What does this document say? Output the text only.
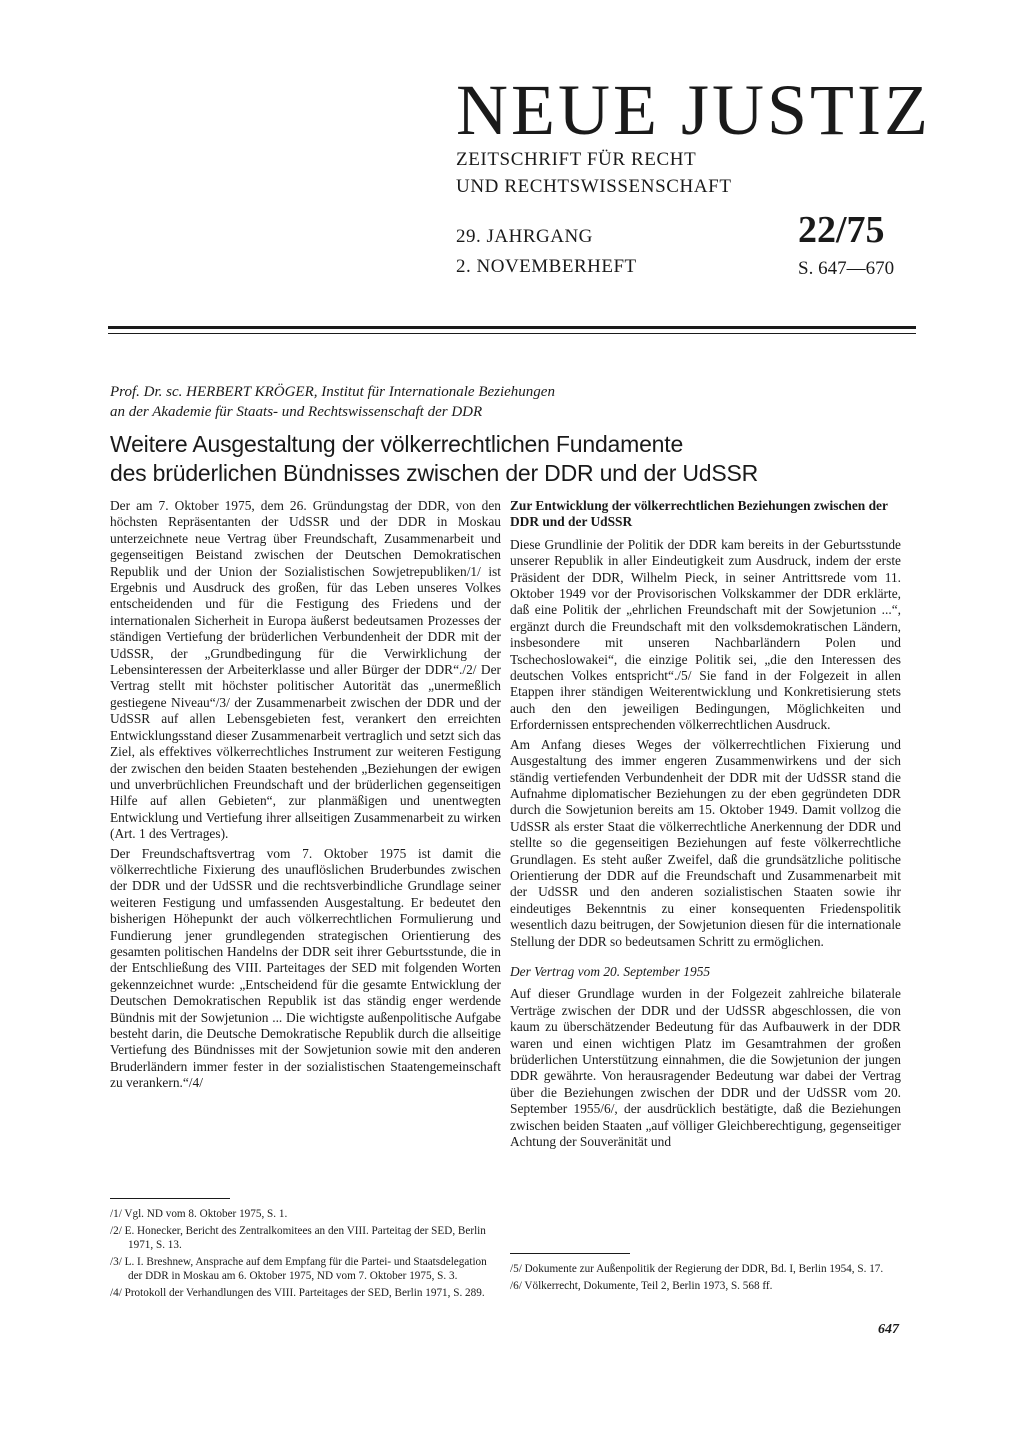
NEUE JUSTIZ
ZEITSCHRIFT FÜR RECHT
UND RECHTSWISSENSCHAFT
29. JAHRGANG
2. NOVEMBERHEFT
22/75
S. 647—670
Prof. Dr. sc. HERBERT KRÖGER, Institut für Internationale Beziehungen
an der Akademie für Staats- und Rechtswissenschaft der DDR
Weitere Ausgestaltung der völkerrechtlichen Fundamente
des brüderlichen Bündnisses zwischen der DDR und der UdSSR

Der am 7. Oktober 1975, dem 26. Gründungstag der DDR, von den höchsten Repräsentanten der UdSSR und der DDR in Moskau unterzeichnete neue Vertrag über Freundschaft, Zusammenarbeit und gegenseitigen Beistand zwischen der Deutschen Demokratischen Republik und der Union der Sozialistischen Sowjetrepubliken/1/ ist Ergebnis und Ausdruck des großen, für das Leben unseres Volkes entscheidenden und für die Festigung des Friedens und der internationalen Sicherheit in Europa äußerst bedeutsamen Prozesses der ständigen Vertiefung der brüderlichen Verbundenheit der DDR mit der UdSSR, der „Grundbedingung für die Verwirklichung der Lebensinteressen der Arbeiterklasse und aller Bürger der DDR“./2/ Der Vertrag stellt mit höchster politischer Autorität das „unermeßlich gestiegene Niveau“/3/ der Zusammenarbeit zwischen der DDR und der UdSSR auf allen Lebensgebieten fest, verankert den erreichten Entwicklungsstand dieser Zusammenarbeit vertraglich und setzt sich das Ziel, als effektives völkerrechtliches Instrument zur weiteren Festigung der zwischen den beiden Staaten bestehenden „Beziehungen der ewigen und unverbrüchlichen Freundschaft und der brüderlichen gegenseitigen Hilfe auf allen Gebieten“, zur planmäßigen und unentwegten Entwicklung und Vertiefung ihrer allseitigen Zusammenarbeit zu wirken (Art. 1 des Vertrages).

Der Freundschaftsvertrag vom 7. Oktober 1975 ist damit die völkerrechtliche Fixierung des unauflöslichen Bruderbundes zwischen der DDR und der UdSSR und die rechtsverbindliche Grundlage seiner weiteren Festigung und umfassenden Ausgestaltung. Er bedeutet den bisherigen Höhepunkt der auch völkerrechtlichen Formulierung und Fundierung jener grundlegenden strategischen Orientierung des gesamten politischen Handelns der DDR seit ihrer Geburtsstunde, die in der Entschließung des VIII. Parteitages der SED mit folgenden Worten gekennzeichnet wurde: „Entscheidend für die gesamte Entwicklung der Deutschen Demokratischen Republik ist das ständig enger werdende Bündnis mit der Sowjetunion ... Die wichtigste außenpolitische Aufgabe besteht darin, die Deutsche Demokratische Republik durch die allseitige Vertiefung des Bündnisses mit der Sowjetunion sowie mit den anderen Bruderländern immer fester in der sozialistischen Staatengemeinschaft zu verankern.“/4/

Zur Entwicklung der völkerrechtlichen Beziehungen zwischen der DDR und der UdSSR

Diese Grundlinie der Politik der DDR kam bereits in der Geburtsstunde unserer Republik in aller Eindeutigkeit zum Ausdruck, indem der erste Präsident der DDR, Wilhelm Pieck, in seiner Antrittsrede vom 11. Oktober 1949 vor der Provisorischen Volkskammer der DDR erklärte, daß eine Politik der „ehrlichen Freundschaft mit der Sowjetunion ...“, ergänzt durch die Freundschaft mit den volksdemokratischen Ländern, insbesondere mit unseren Nachbarländern Polen und Tschechoslowakei“, die einzige Politik sei, „die den Interessen des deutschen Volkes entspricht“./5/ Sie fand in der Folgezeit in allen Etappen ihrer ständigen Weiterentwicklung und Konkretisierung stets auch den den jeweiligen Bedingungen, Möglichkeiten und Erfordernissen entsprechenden völkerrechtlichen Ausdruck.

Am Anfang dieses Weges der völkerrechtlichen Fixierung und Ausgestaltung des immer engeren Zusammenwirkens und der sich ständig vertiefenden Verbundenheit der DDR mit der UdSSR stand die Aufnahme diplomatischer Beziehungen zu der eben gegründeten DDR durch die Sowjetunion bereits am 15. Oktober 1949. Damit vollzog die UdSSR als erster Staat die völkerrechtliche Anerkennung der DDR und stellte so die gegenseitigen Beziehungen auf feste völkerrechtliche Grundlagen. Es steht außer Zweifel, daß die grundsätzliche politische Orientierung der DDR auf die Freundschaft und Zusammenarbeit mit der UdSSR und den anderen sozialistischen Staaten sowie ihr eindeutiges Bekenntnis zu einer konsequenten Friedenspolitik wesentlich dazu beitrugen, der Sowjetunion diesen für die internationale Stellung der DDR so bedeutsamen Schritt zu ermöglichen.

Der Vertrag vom 20. September 1955

Auf dieser Grundlage wurden in der Folgezeit zahlreiche bilaterale Verträge zwischen der DDR und der UdSSR abgeschlossen, die von kaum zu überschätzender Bedeutung für das Aufbauwerk in der DDR waren und einen wichtigen Platz im Gesamtrahmen der großen brüderlichen Unterstützung einnahmen, die die Sowjetunion der jungen DDR gewährte. Von herausragender Bedeutung war dabei der Vertrag über die Beziehungen zwischen der DDR und der UdSSR vom 20. September 1955/6/, der ausdrücklich bestätigte, daß die Beziehungen zwischen beiden Staaten „auf völliger Gleichberechtigung, gegenseitiger Achtung der Souveränität und

/1/ Vgl. ND vom 8. Oktober 1975, S. 1.
/2/ E. Honecker, Bericht des Zentralkomitees an den VIII. Parteitag der SED, Berlin 1971, S. 13.
/3/ L. I. Breshnew, Ansprache auf dem Empfang für die Partei- und Staatsdelegation der DDR in Moskau am 6. Oktober 1975, ND vom 7. Oktober 1975, S. 3.
/4/ Protokoll der Verhandlungen des VIII. Parteitages der SED, Berlin 1971, S. 289.
/5/ Dokumente zur Außenpolitik der Regierung der DDR, Bd. I, Berlin 1954, S. 17.
/6/ Völkerrecht, Dokumente, Teil 2, Berlin 1973, S. 568 ff.
647
